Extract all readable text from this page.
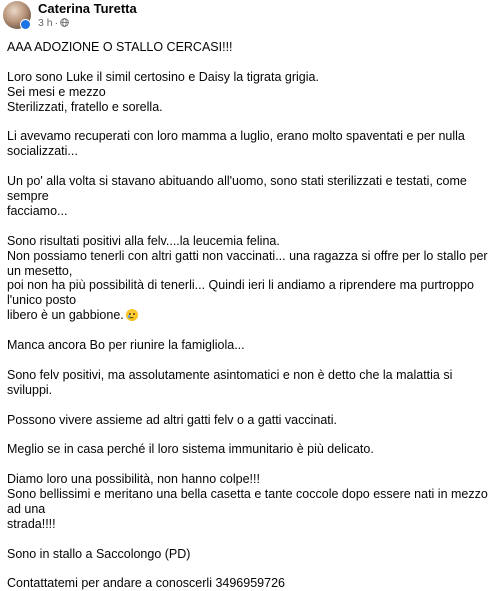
Caterina Turetta
3 h ·

AAA ADOZIONE O STALLO CERCASI!!!

Loro sono Luke il simil certosino e Daisy la tigrata grigia.
Sei mesi e mezzo
Sterilizzati, fratello e sorella.

Li avevamo recuperati con loro mamma a luglio, erano molto spaventati e per nulla socializzati...

Un po' alla volta si stavano abituando all'uomo, sono stati sterilizzati e testati, come sempre
facciamo...

Sono risultati positivi alla felv....la leucemia felina.
Non possiamo tenerli con altri gatti non vaccinati... una ragazza si offre per lo stallo per un mesetto,
poi non ha più possibilità di tenerli... Quindi ieri li andiamo a riprendere ma purtroppo l'unico posto
libero è un gabbione.

Manca ancora Bo per riunire la famigliola...

Sono felv positivi, ma assolutamente asintomatici e non è detto che la malattia si sviluppi.

Possono vivere assieme ad altri gatti felv o a gatti vaccinati.

Meglio se in casa perché il loro sistema immunitario è più delicato.

Diamo loro una possibilità, non hanno colpe!!!
Sono bellissimi e meritano una bella casetta e tante coccole dopo essere nati in mezzo ad una
strada!!!!

Sono in stallo a Saccolongo (PD)

Contattatemi per andare a conoscerli 3496959726
